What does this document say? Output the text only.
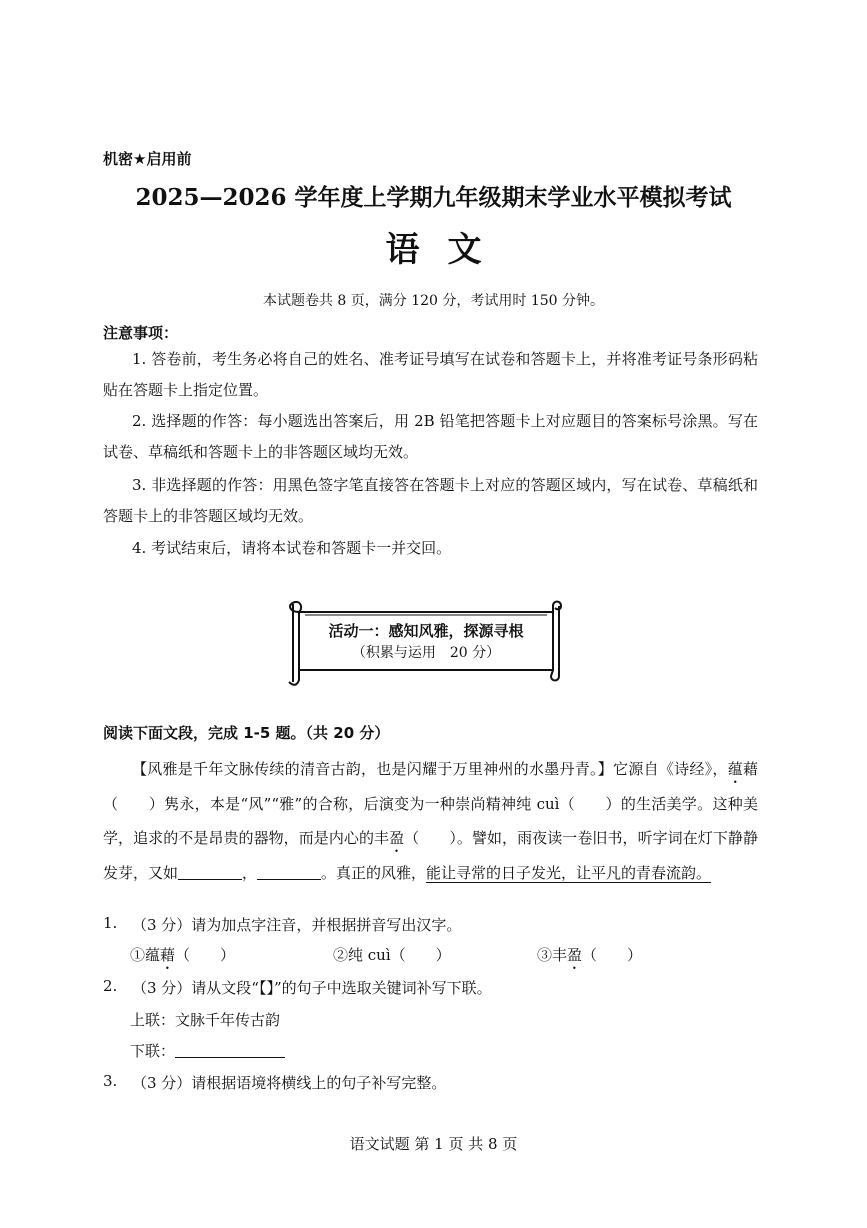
机密★启用前
2025—2026 学年度上学期九年级期末学业水平模拟考试
语文
本试题卷共 8 页，满分 120 分，考试用时 150 分钟。
注意事项：
1. 答卷前，考生务必将自己的姓名、准考证号填写在试卷和答题卡上，并将准考证号条形码粘贴在答题卡上指定位置。
2. 选择题的作答：每小题选出答案后，用 2B 铅笔把答题卡上对应题目的答案标号涂黑。写在试卷、草稿纸和答题卡上的非答题区域均无效。
3. 非选择题的作答：用黑色签字笔直接答在答题卡上对应的答题区域内，写在试卷、草稿纸和答题卡上的非答题区域均无效。
4. 考试结束后，请将本试卷和答题卡一并交回。
活动一：感知风雅，探源寻根
（积累与运用　20 分）
阅读下面文段，完成 1-5 题。（共 20 分）
【风雅是千年文脉传续的清音古韵，也是闪耀于万里神州的水墨丹青。】它源自《诗经》，蕴藉（　　）隽永，本是“风”“雅”的合称，后演变为一种崇尚精神纯 cuì（　　）的生活美学。这种美学，追求的不是昂贵的器物，而是内心的丰盈（　　）。譬如，雨夜读一卷旧书，听字词在灯下静静发芽，又如	，	。真正的风雅，能让寻常的日子发光，让平凡的青春流韵。
1. （3 分）请为加点字注音，并根据拼音写出汉字。
①蕴藉（　　）	②纯 cuì（　　）	③丰盈（　　）
2. （3 分）请从文段“【】”的句子中选取关键词补写下联。
上联：文脉千年传古韵
下联：
3. （3 分）请根据语境将横线上的句子补写完整。
语文试题 第 1 页 共 8 页
